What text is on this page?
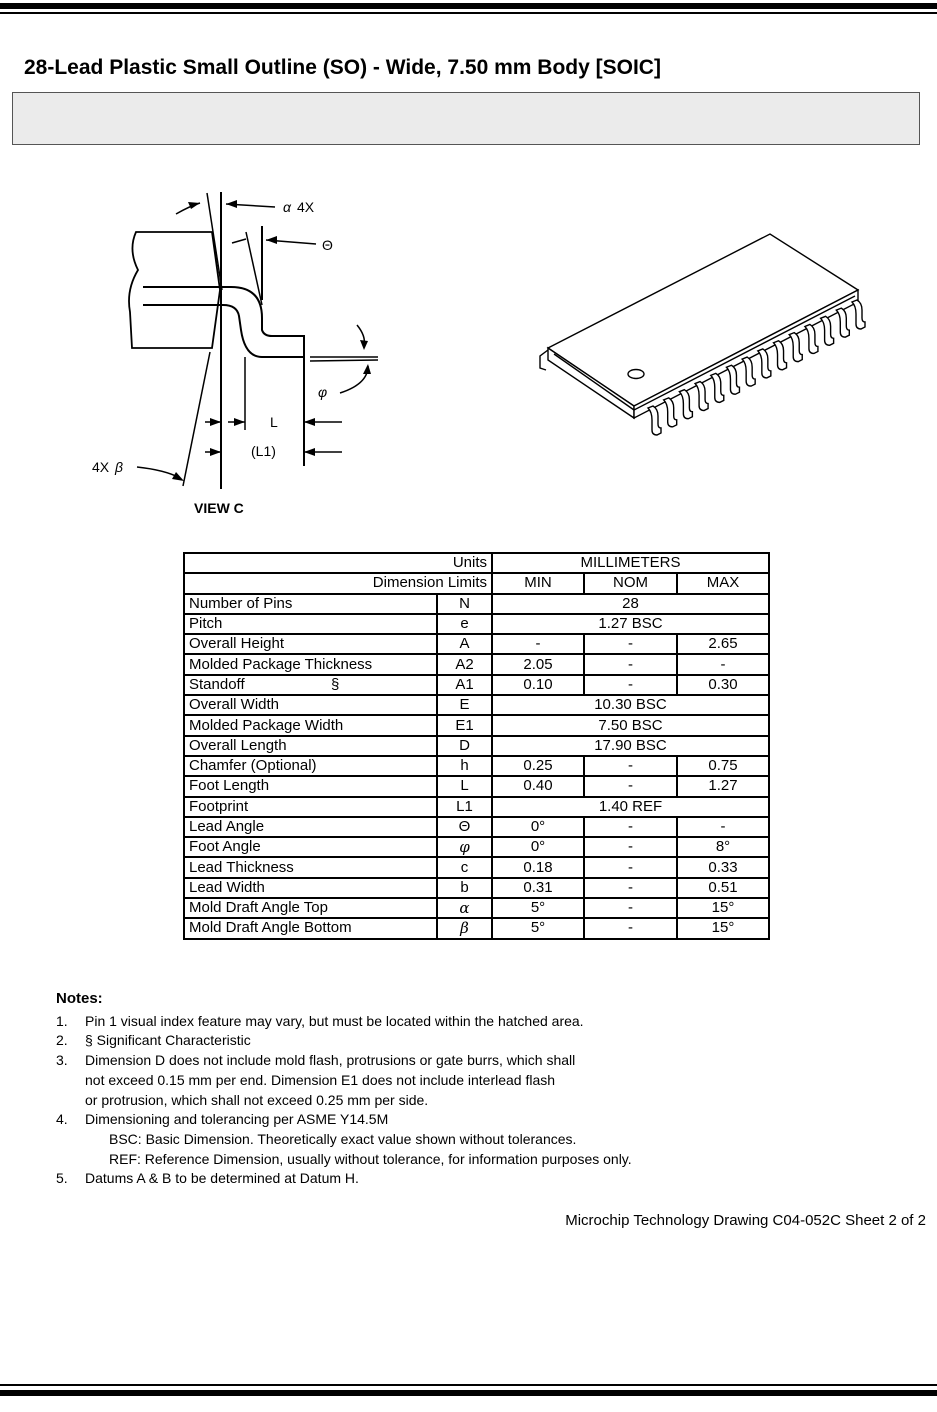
28-Lead Plastic Small Outline (SO) - Wide, 7.50 mm Body [SOIC]
α 4X
Θ
φ
L
(L1)
4X β
VIEW C
Units		MILLIMETERS		
Dimension Limits		MIN	NOM	MAX
Number of Pins	N	28		
Pitch	e	1.27 BSC		
Overall Height	A	-	-	2.65
Molded Package Thickness	A2	2.05	-	-
Standoff §	A1	0.10	-	0.30
Overall Width	E	10.30 BSC		
Molded Package Width	E1	7.50 BSC		
Overall Length	D	17.90 BSC		
Chamfer (Optional)	h	0.25	-	0.75
Foot Length	L	0.40	-	1.27
Footprint	L1	1.40 REF		
Lead Angle	Θ	0°	-	-
Foot Angle	φ	0°	-	8°
Lead Thickness	c	0.18	-	0.33
Lead Width	b	0.31	-	0.51
Mold Draft Angle Top	α	5°	-	15°
Mold Draft Angle Bottom	β	5°	-	15°
Notes:
1. Pin 1 visual index feature may vary, but must be located within the hatched area.
2. § Significant Characteristic
3. Dimension D does not include mold flash, protrusions or gate burrs, which shall
not exceed 0.15 mm per end. Dimension E1 does not include interlead flash
or protrusion, which shall not exceed 0.25 mm per side.
4. Dimensioning and tolerancing per ASME Y14.5M
BSC: Basic Dimension. Theoretically exact value shown without tolerances.
REF: Reference Dimension, usually without tolerance, for information purposes only.
5. Datums A & B to be determined at Datum H.
Microchip Technology Drawing C04-052C Sheet 2 of 2
